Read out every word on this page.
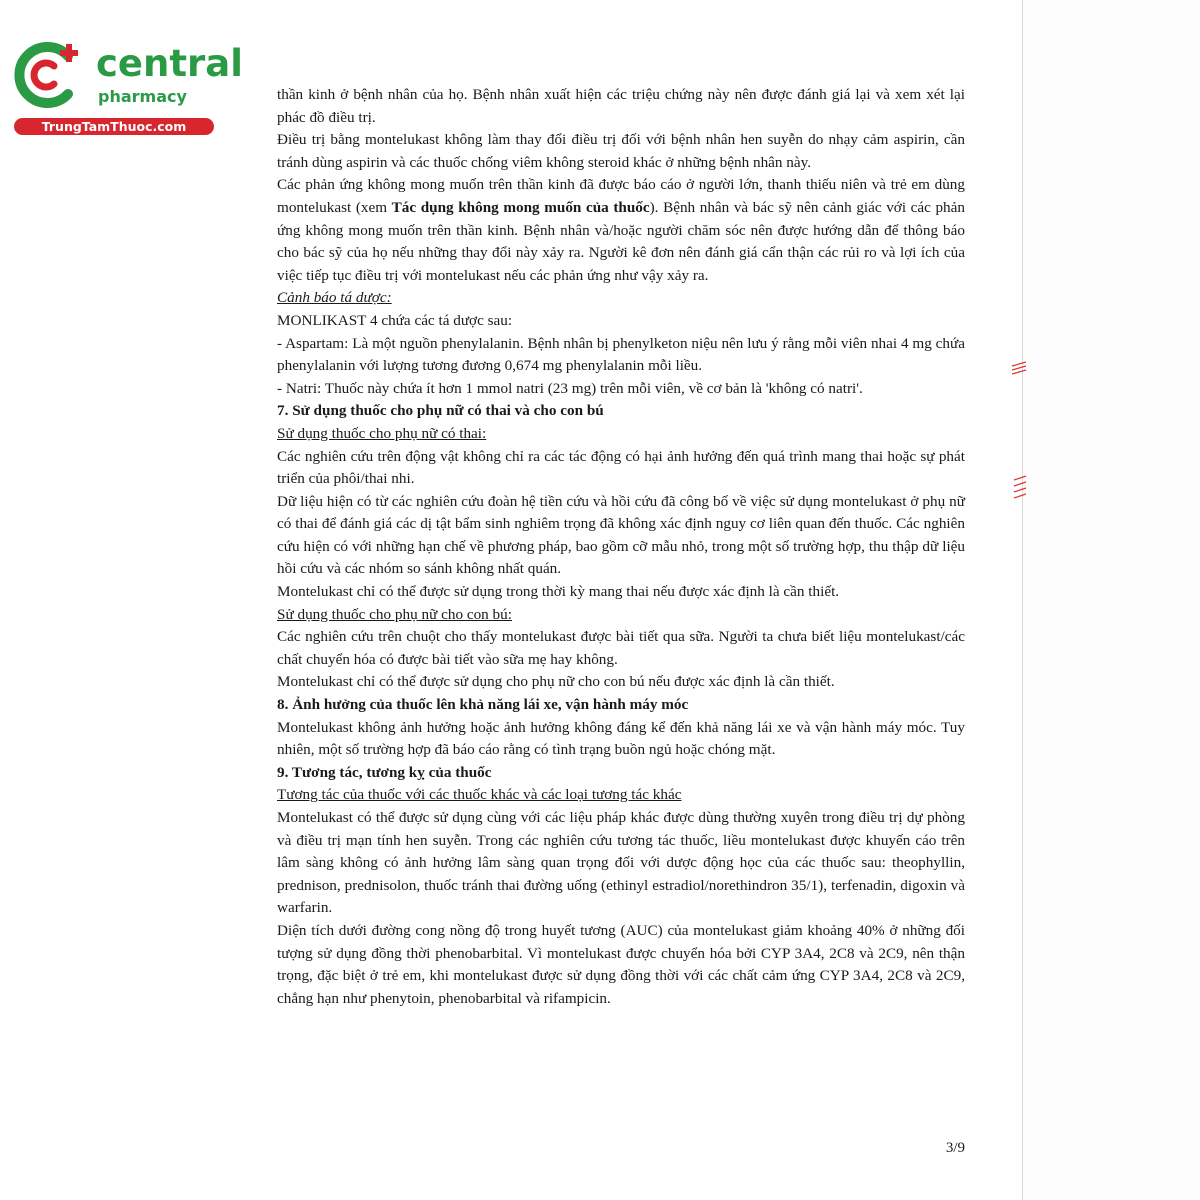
central
pharmacy
TrungTamThuoc.com

thần kinh ở bệnh nhân của họ. Bệnh nhân xuất hiện các triệu chứng này nên được đánh giá lại và xem xét lại phác đồ điều trị.

Điều trị bằng montelukast không làm thay đổi điều trị đối với bệnh nhân hen suyễn do nhạy cảm aspirin, cần tránh dùng aspirin và các thuốc chống viêm không steroid khác ở những bệnh nhân này.

Các phản ứng không mong muốn trên thần kinh đã được báo cáo ở người lớn, thanh thiếu niên và trẻ em dùng montelukast (xem Tác dụng không mong muốn của thuốc). Bệnh nhân và bác sỹ nên cảnh giác với các phản ứng không mong muốn trên thần kinh. Bệnh nhân và/hoặc người chăm sóc nên được hướng dẫn để thông báo cho bác sỹ của họ nếu những thay đổi này xảy ra. Người kê đơn nên đánh giá cẩn thận các rủi ro và lợi ích của việc tiếp tục điều trị với montelukast nếu các phản ứng như vậy xảy ra.

Cảnh báo tá dược:

MONLIKAST 4 chứa các tá dược sau:

- Aspartam: Là một nguồn phenylalanin. Bệnh nhân bị phenylketon niệu nên lưu ý rằng mỗi viên nhai 4 mg chứa phenylalanin với lượng tương đương 0,674 mg phenylalanin mỗi liều.

- Natri: Thuốc này chứa ít hơn 1 mmol natri (23 mg) trên mỗi viên, về cơ bản là 'không có natri'.

7. Sử dụng thuốc cho phụ nữ có thai và cho con bú

Sử dụng thuốc cho phụ nữ có thai:

Các nghiên cứu trên động vật không chỉ ra các tác động có hại ảnh hưởng đến quá trình mang thai hoặc sự phát triển của phôi/thai nhi.

Dữ liệu hiện có từ các nghiên cứu đoàn hệ tiền cứu và hồi cứu đã công bố về việc sử dụng montelukast ở phụ nữ có thai để đánh giá các dị tật bẩm sinh nghiêm trọng đã không xác định nguy cơ liên quan đến thuốc. Các nghiên cứu hiện có với những hạn chế về phương pháp, bao gồm cỡ mẫu nhỏ, trong một số trường hợp, thu thập dữ liệu hồi cứu và các nhóm so sánh không nhất quán.

Montelukast chỉ có thể được sử dụng trong thời kỳ mang thai nếu được xác định là cần thiết.

Sử dụng thuốc cho phụ nữ cho con bú:

Các nghiên cứu trên chuột cho thấy montelukast được bài tiết qua sữa. Người ta chưa biết liệu montelukast/các chất chuyển hóa có được bài tiết vào sữa mẹ hay không.

Montelukast chỉ có thể được sử dụng cho phụ nữ cho con bú nếu được xác định là cần thiết.

8. Ảnh hưởng của thuốc lên khả năng lái xe, vận hành máy móc

Montelukast không ảnh hưởng hoặc ảnh hưởng không đáng kể đến khả năng lái xe và vận hành máy móc. Tuy nhiên, một số trường hợp đã báo cáo rằng có tình trạng buồn ngủ hoặc chóng mặt.

9. Tương tác, tương kỵ của thuốc

Tương tác của thuốc với các thuốc khác và các loại tương tác khác

Montelukast có thể được sử dụng cùng với các liệu pháp khác được dùng thường xuyên trong điều trị dự phòng và điều trị mạn tính hen suyễn. Trong các nghiên cứu tương tác thuốc, liều montelukast được khuyến cáo trên lâm sàng không có ảnh hưởng lâm sàng quan trọng đối với dược động học của các thuốc sau: theophyllin, prednison, prednisolon, thuốc tránh thai đường uống (ethinyl estradiol/norethindron 35/1), terfenadin, digoxin và warfarin.

Diện tích dưới đường cong nồng độ trong huyết tương (AUC) của montelukast giảm khoảng 40% ở những đối tượng sử dụng đồng thời phenobarbital. Vì montelukast được chuyển hóa bởi CYP 3A4, 2C8 và 2C9, nên thận trọng, đặc biệt ở trẻ em, khi montelukast được sử dụng đồng thời với các chất cảm ứng CYP 3A4, 2C8 và 2C9, chẳng hạn như phenytoin, phenobarbital và rifampicin.

3/9
